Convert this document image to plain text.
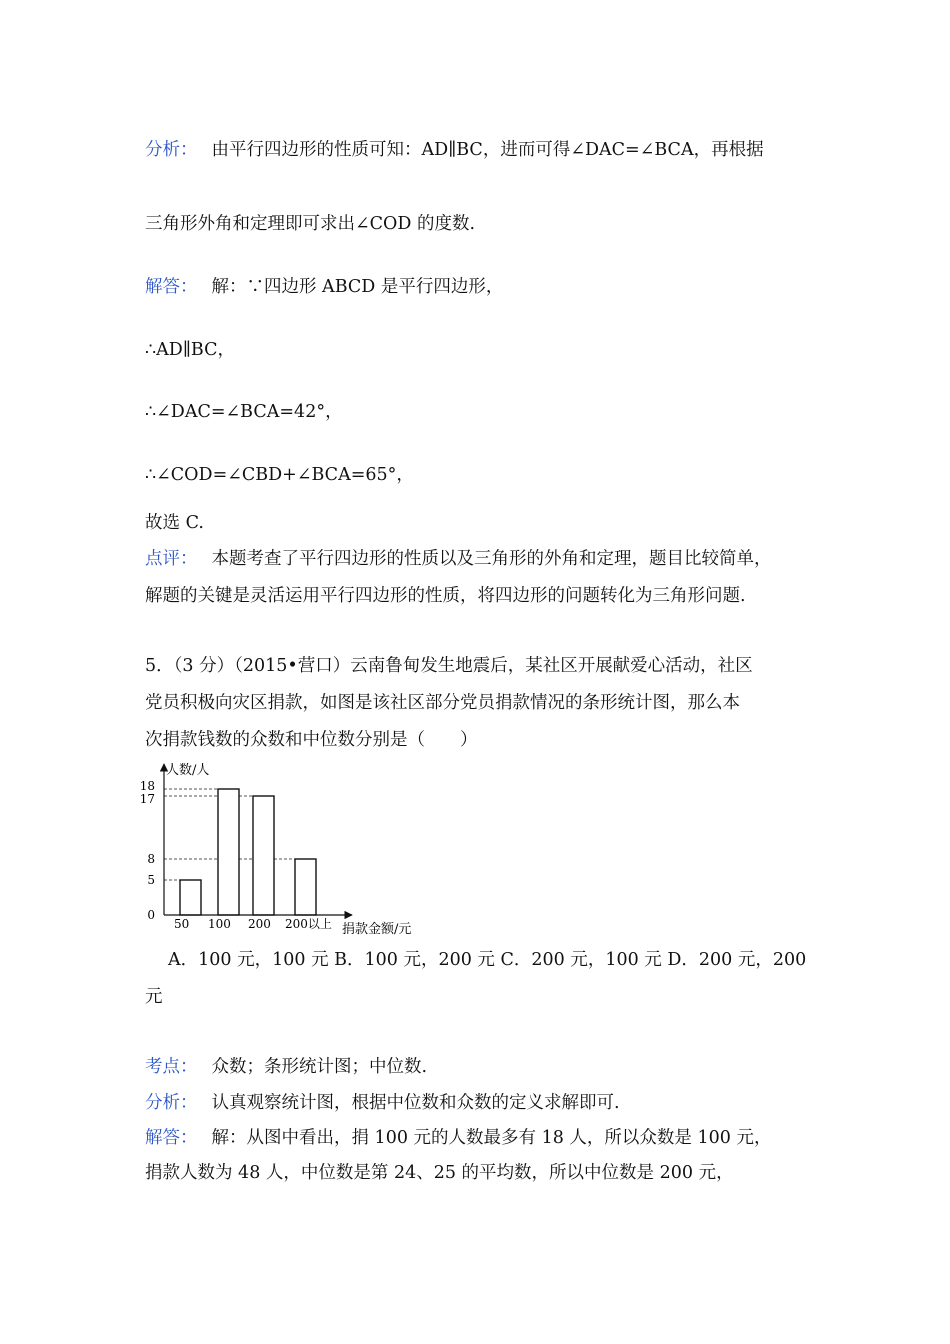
分析： 由平行四边形的性质可知：AD∥BC，进而可得∠DAC=∠BCA，再根据
三角形外角和定理即可求出∠COD 的度数.
解答： 解：∵四边形 ABCD 是平行四边形，
∴AD∥BC，
∴∠DAC=∠BCA=42°，
∴∠COD=∠CBD+∠BCA=65°，
故选 C.
点评： 本题考查了平行四边形的性质以及三角形的外角和定理，题目比较简单，
解题的关键是灵活运用平行四边形的性质，将四边形的问题转化为三角形问题.
5．（3 分）（2015•营口）云南鲁甸发生地震后，某社区开展献爱心活动，社区
党员积极向灾区捐款，如图是该社区部分党员捐款情况的条形统计图，那么本
次捐款钱数的众数和中位数分别是（　　）
人数/人
捐款金额/元
0
5
8
17
18
50 100 200 200以上
A．100 元，100 元 B．100 元，200 元 C．200 元，100 元 D．200 元，200
元
考点： 众数；条形统计图；中位数.
分析： 认真观察统计图，根据中位数和众数的定义求解即可.
解答： 解：从图中看出，捐 100 元的人数最多有 18 人，所以众数是 100 元，
捐款人数为 48 人，中位数是第 24、25 的平均数，所以中位数是 200 元，
